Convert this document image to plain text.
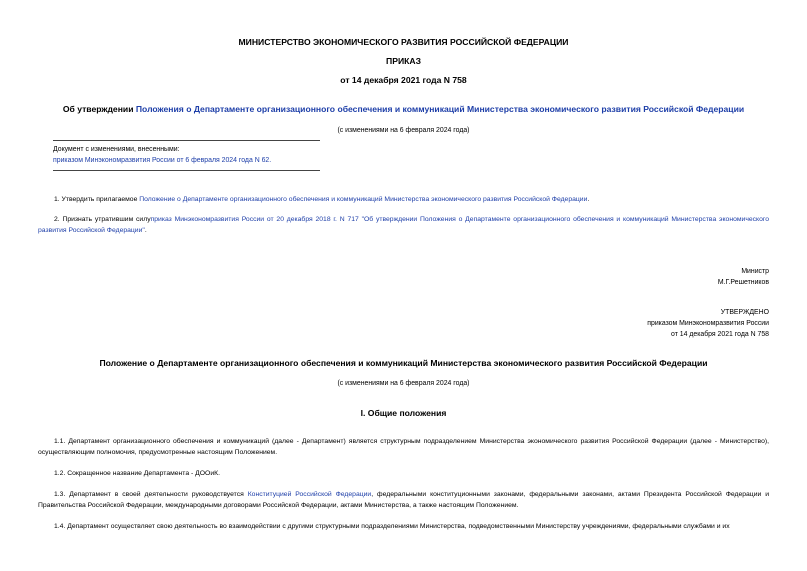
МИНИСТЕРСТВО ЭКОНОМИЧЕСКОГО РАЗВИТИЯ РОССИЙСКОЙ ФЕДЕРАЦИИ
ПРИКАЗ
от 14 декабря 2021 года N 758
Об утверждении Положения о Департаменте организационного обеспечения и коммуникаций Министерства экономического развития Российской Федерации
(с изменениями на 6 февраля 2024 года)
Документ с изменениями, внесенными:
приказом Минэкономразвития России от 6 февраля 2024 года N 62.
1. Утвердить прилагаемое Положение о Департаменте организационного обеспечения и коммуникаций Министерства экономического развития Российской Федерации.
2. Признать утратившим силуприказ Минэкономразвития России от 20 декабря 2018 г. N 717 "Об утверждении Положения о Департаменте организационного обеспечения и коммуникаций Министерства экономического развития Российской Федерации".
Министр
М.Г.Решетников
УТВЕРЖДЕНО
приказом Минэкономразвития России
от 14 декабря 2021 года N 758
Положение о Департаменте организационного обеспечения и коммуникаций Министерства экономического развития Российской Федерации
(с изменениями на 6 февраля 2024 года)
I. Общие положения
1.1. Департамент организационного обеспечения и коммуникаций (далее - Департамент) является структурным подразделением Министерства экономического развития Российской Федерации (далее - Министерство), осуществляющим полномочия, предусмотренные настоящим Положением.
1.2. Сокращенное название Департамента - ДООиК.
1.3. Департамент в своей деятельности руководствуется Конституцией Российской Федерации, федеральными конституционными законами, федеральными законами, актами Президента Российской Федерации и Правительства Российской Федерации, международными договорами Российской Федерации, актами Министерства, а также настоящим Положением.
1.4. Департамент осуществляет свою деятельность во взаимодействии с другими структурными подразделениями Министерства, подведомственными Министерству учреждениями, федеральными службами и их
